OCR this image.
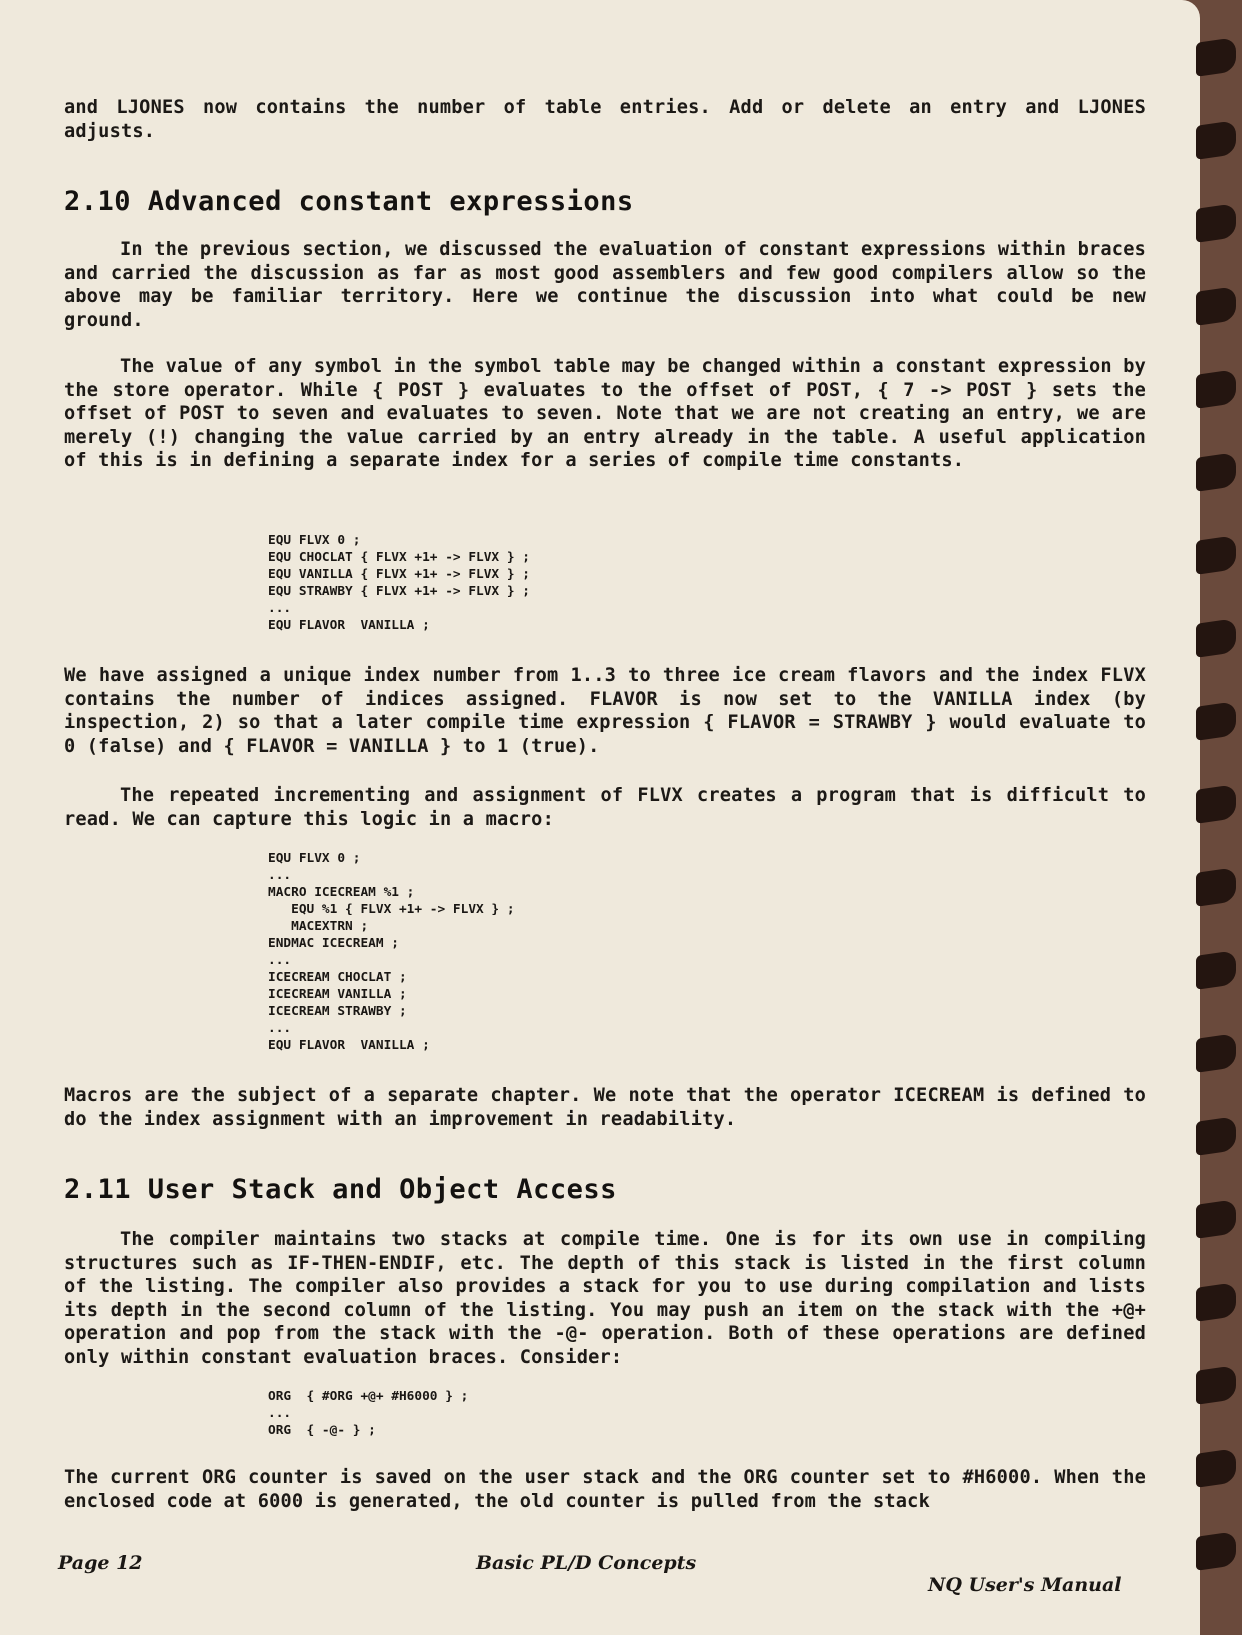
and LJONES now contains the number of table entries. Add or delete an entry and LJONES adjusts.

2.10 Advanced constant expressions

In the previous section, we discussed the evaluation of constant expressions within braces and carried the discussion as far as most good assemblers and few good compilers allow so the above may be familiar territory. Here we continue the discussion into what could be new ground.

The value of any symbol in the symbol table may be changed within a constant expression by the store operator. While { POST } evaluates to the offset of POST, { 7 -> POST } sets the offset of POST to seven and evaluates to seven. Note that we are not creating an entry, we are merely (!) changing the value carried by an entry already in the table. A useful application of this is in defining a separate index for a series of compile time constants.

EQU FLVX 0 ;
EQU CHOCLAT { FLVX +1+ -> FLVX } ;
EQU VANILLA { FLVX +1+ -> FLVX } ;
EQU STRAWBY { FLVX +1+ -> FLVX } ;
...
EQU FLAVOR  VANILLA ;

We have assigned a unique index number from 1..3 to three ice cream flavors and the index FLVX contains the number of indices assigned. FLAVOR is now set to the VANILLA index (by inspection, 2) so that a later compile time expression { FLAVOR = STRAWBY } would evaluate to 0 (false) and { FLAVOR = VANILLA } to 1 (true).

The repeated incrementing and assignment of FLVX creates a program that is difficult to read. We can capture this logic in a macro:

EQU FLVX 0 ;
...
MACRO ICECREAM %1 ;
EQU %1 { FLVX +1+ -> FLVX } ;
MACEXTRN ;
ENDMAC ICECREAM ;
...
ICECREAM CHOCLAT ;
ICECREAM VANILLA ;
ICECREAM STRAWBY ;
...
EQU FLAVOR  VANILLA ;

Macros are the subject of a separate chapter. We note that the operator ICECREAM is defined to do the index assignment with an improvement in readability.

2.11 User Stack and Object Access

The compiler maintains two stacks at compile time. One is for its own use in compiling structures such as IF-THEN-ENDIF, etc. The depth of this stack is listed in the first column of the listing. The compiler also provides a stack for you to use during compilation and lists its depth in the second column of the listing. You may push an item on the stack with the +@+ operation and pop from the stack with the -@- operation. Both of these operations are defined only within constant evaluation braces. Consider:

ORG  { #ORG +@+ #H6000 } ;
...
ORG  { -@- } ;

The current ORG counter is saved on the user stack and the ORG counter set to #H6000. When the enclosed code at 6000 is generated, the old counter is pulled from the stack

Page 12	Basic PL/D Concepts
NQ User's Manual
